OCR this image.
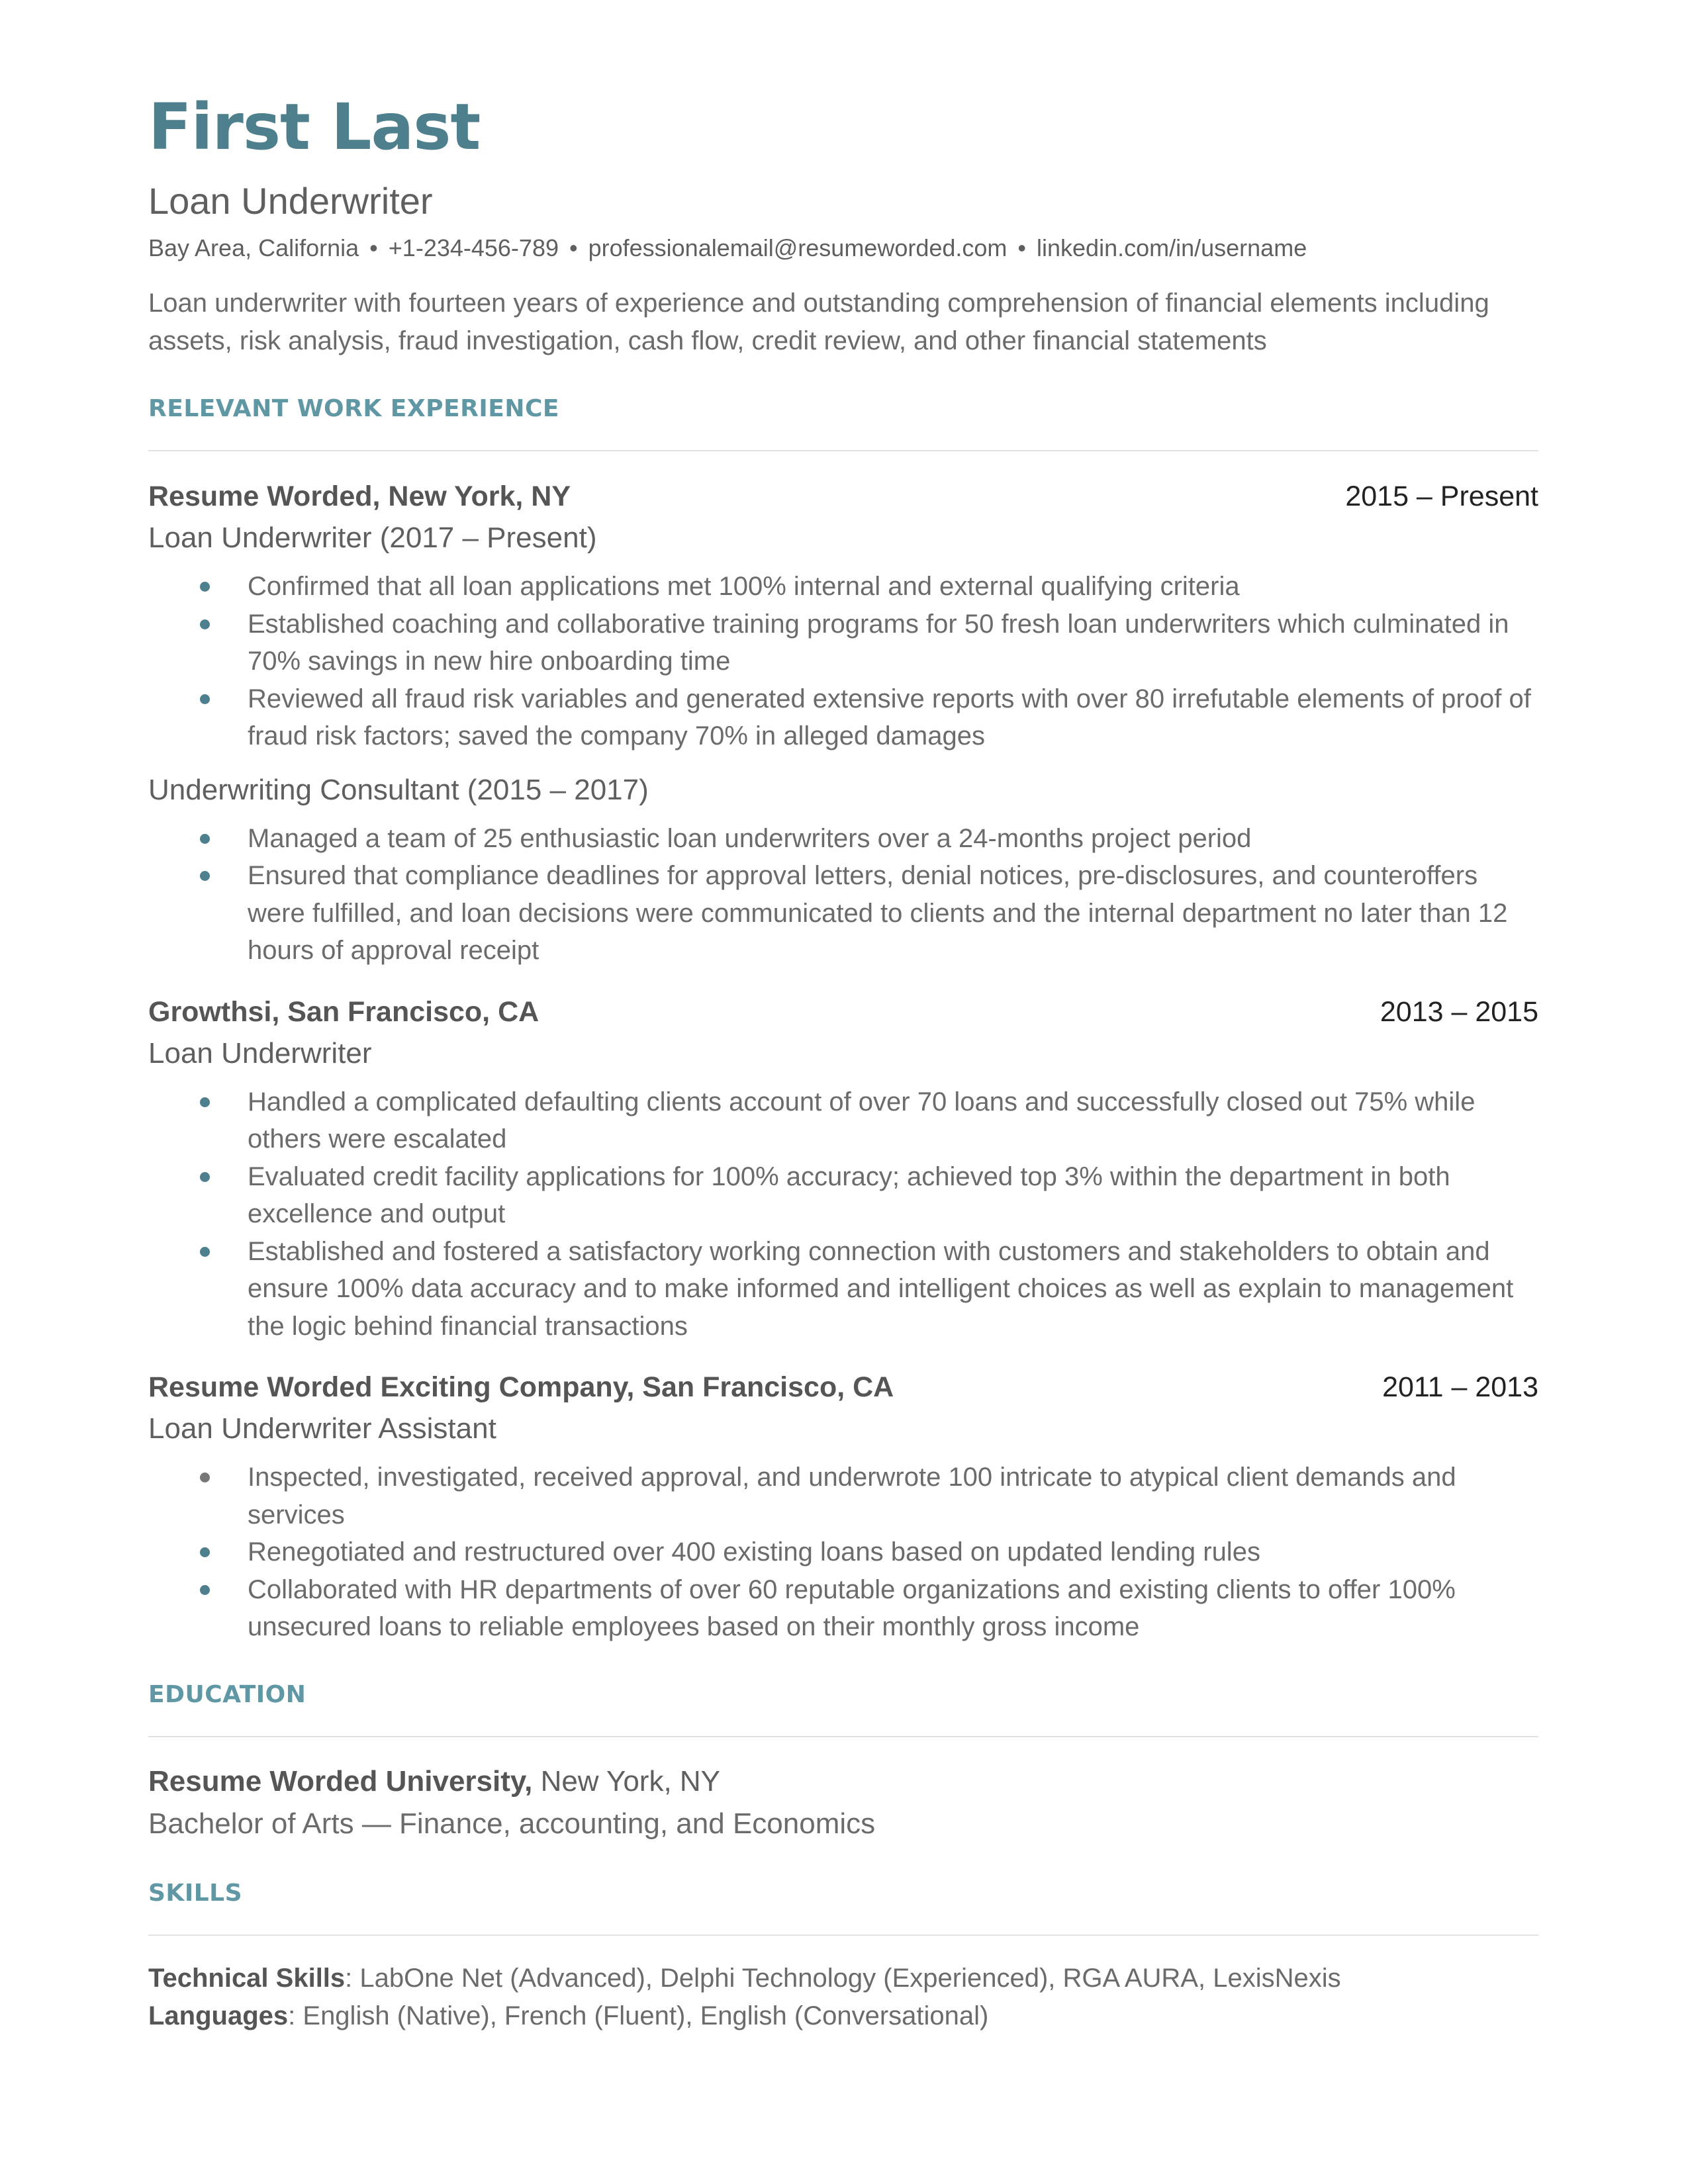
First Last
Loan Underwriter
Bay Area, California • +1-234-456-789 • professionalemail@resumeworded.com • linkedin.com/in/username
Loan underwriter with fourteen years of experience and outstanding comprehension of financial elements including assets, risk analysis, fraud investigation, cash flow, credit review, and other financial statements
RELEVANT WORK EXPERIENCE
Resume Worded, New York, NY	2015 – Present
Loan Underwriter (2017 – Present)
Confirmed that all loan applications met 100% internal and external qualifying criteria
Established coaching and collaborative training programs for 50 fresh loan underwriters which culminated in 70% savings in new hire onboarding time
Reviewed all fraud risk variables and generated extensive reports with over 80 irrefutable elements of proof of fraud risk factors; saved the company 70% in alleged damages
Underwriting Consultant (2015 – 2017)
Managed a team of 25 enthusiastic loan underwriters over a 24-months project period
Ensured that compliance deadlines for approval letters, denial notices, pre-disclosures, and counteroffers were fulfilled, and loan decisions were communicated to clients and the internal department no later than 12 hours of approval receipt
Growthsi, San Francisco, CA	2013 – 2015
Loan Underwriter
Handled a complicated defaulting clients account of over 70 loans and successfully closed out 75% while others were escalated
Evaluated credit facility applications for 100% accuracy; achieved top 3% within the department in both excellence and output
Established and fostered a satisfactory working connection with customers and stakeholders to obtain and ensure 100% data accuracy and to make informed and intelligent choices as well as explain to management the logic behind financial transactions
Resume Worded Exciting Company, San Francisco, CA	2011 – 2013
Loan Underwriter Assistant
Inspected, investigated, received approval, and underwrote 100 intricate to atypical client demands and services
Renegotiated and restructured over 400 existing loans based on updated lending rules
Collaborated with HR departments of over 60 reputable organizations and existing clients to offer 100% unsecured loans to reliable employees based on their monthly gross income
EDUCATION
Resume Worded University, New York, NY
Bachelor of Arts — Finance, accounting, and Economics
SKILLS
Technical Skills: LabOne Net (Advanced), Delphi Technology (Experienced), RGA AURA, LexisNexis
Languages: English (Native), French (Fluent), English (Conversational)
